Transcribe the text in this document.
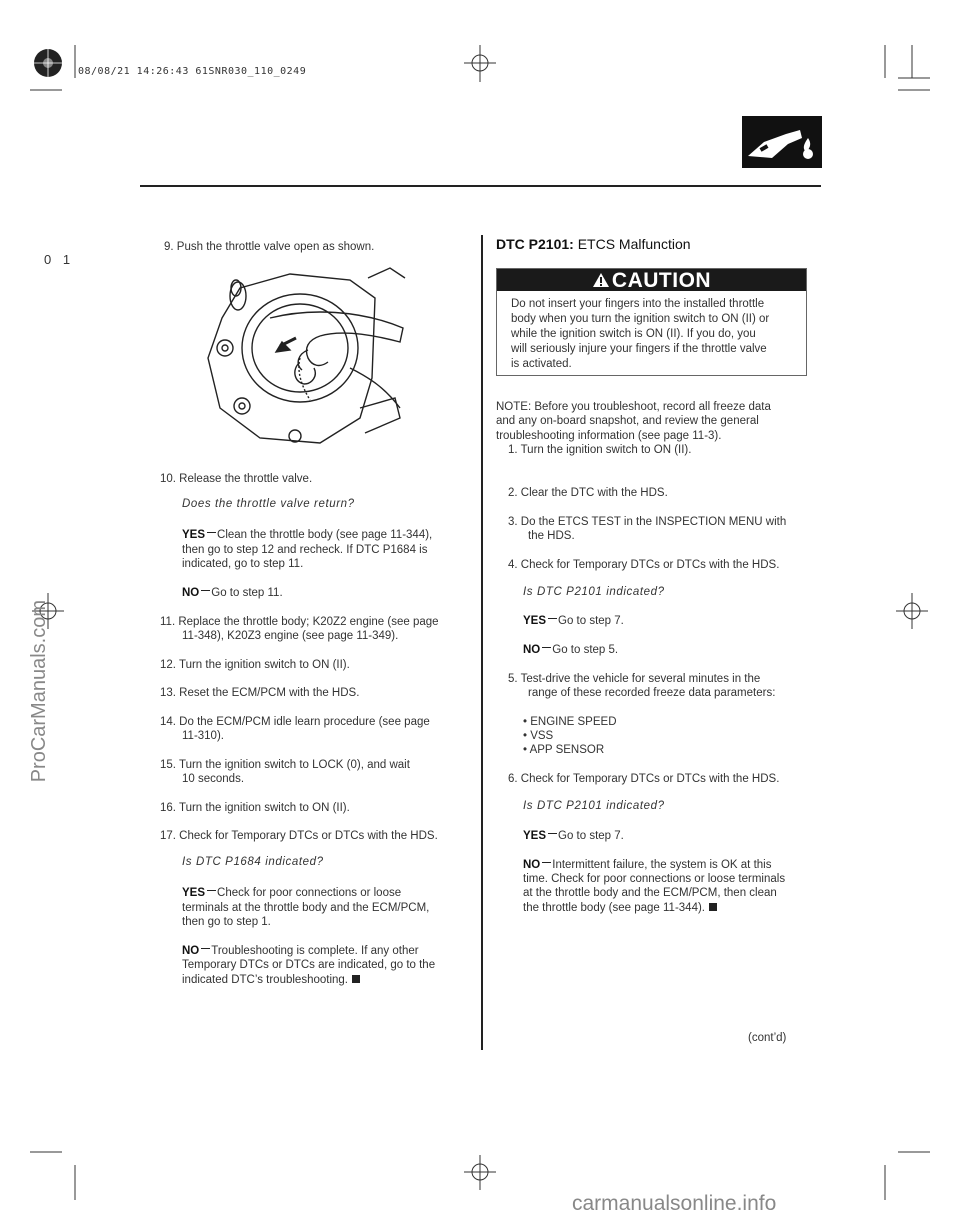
08/08/21 14:26:43 61SNR030_110_0249
0 1
9. Push the throttle valve open as shown.
10. Release the throttle valve.
Does the throttle valve return?
YES Clean the throttle body (see page 11-344),
then go to step 12 and recheck. If DTC P1684 is
indicated, go to step 11.
NO Go to step 11.
11. Replace the throttle body; K20Z2 engine (see page
11-348), K20Z3 engine (see page 11-349).
12. Turn the ignition switch to ON (II).
13. Reset the ECM/PCM with the HDS.
14. Do the ECM/PCM idle learn procedure (see page
11-310).
15. Turn the ignition switch to LOCK (0), and wait
10 seconds.
16. Turn the ignition switch to ON (II).
17. Check for Temporary DTCs or DTCs with the HDS.
Is DTC P1684 indicated?
YES Check for poor connections or loose
terminals at the throttle body and the ECM/PCM,
then go to step 1.
NO Troubleshooting is complete. If any other
Temporary DTCs or DTCs are indicated, go to the
indicated DTC’s troubleshooting.
DTC P2101: ETCS Malfunction
CAUTION
Do not insert your fingers into the installed throttle
body when you turn the ignition switch to ON (II) or
while the ignition switch is ON (II). If you do, you
will seriously injure your fingers if the throttle valve
is activated.
NOTE: Before you troubleshoot, record all freeze data
and any on-board snapshot, and review the general
troubleshooting information (see page 11-3).
1. Turn the ignition switch to ON (II).
2. Clear the DTC with the HDS.
3. Do the ETCS TEST in the INSPECTION MENU with
the HDS.
4. Check for Temporary DTCs or DTCs with the HDS.
Is DTC P2101 indicated?
YES Go to step 7.
NO Go to step 5.
5. Test-drive the vehicle for several minutes in the
range of these recorded freeze data parameters:
• ENGINE SPEED
• VSS
• APP SENSOR
6. Check for Temporary DTCs or DTCs with the HDS.
Is DTC P2101 indicated?
YES Go to step 7.
NO Intermittent failure, the system is OK at this
time. Check for poor connections or loose terminals
at the throttle body and the ECM/PCM, then clean
the throttle body (see page 11-344).
(cont’d)
ProCarManuals.com
carmanualsonline.info
